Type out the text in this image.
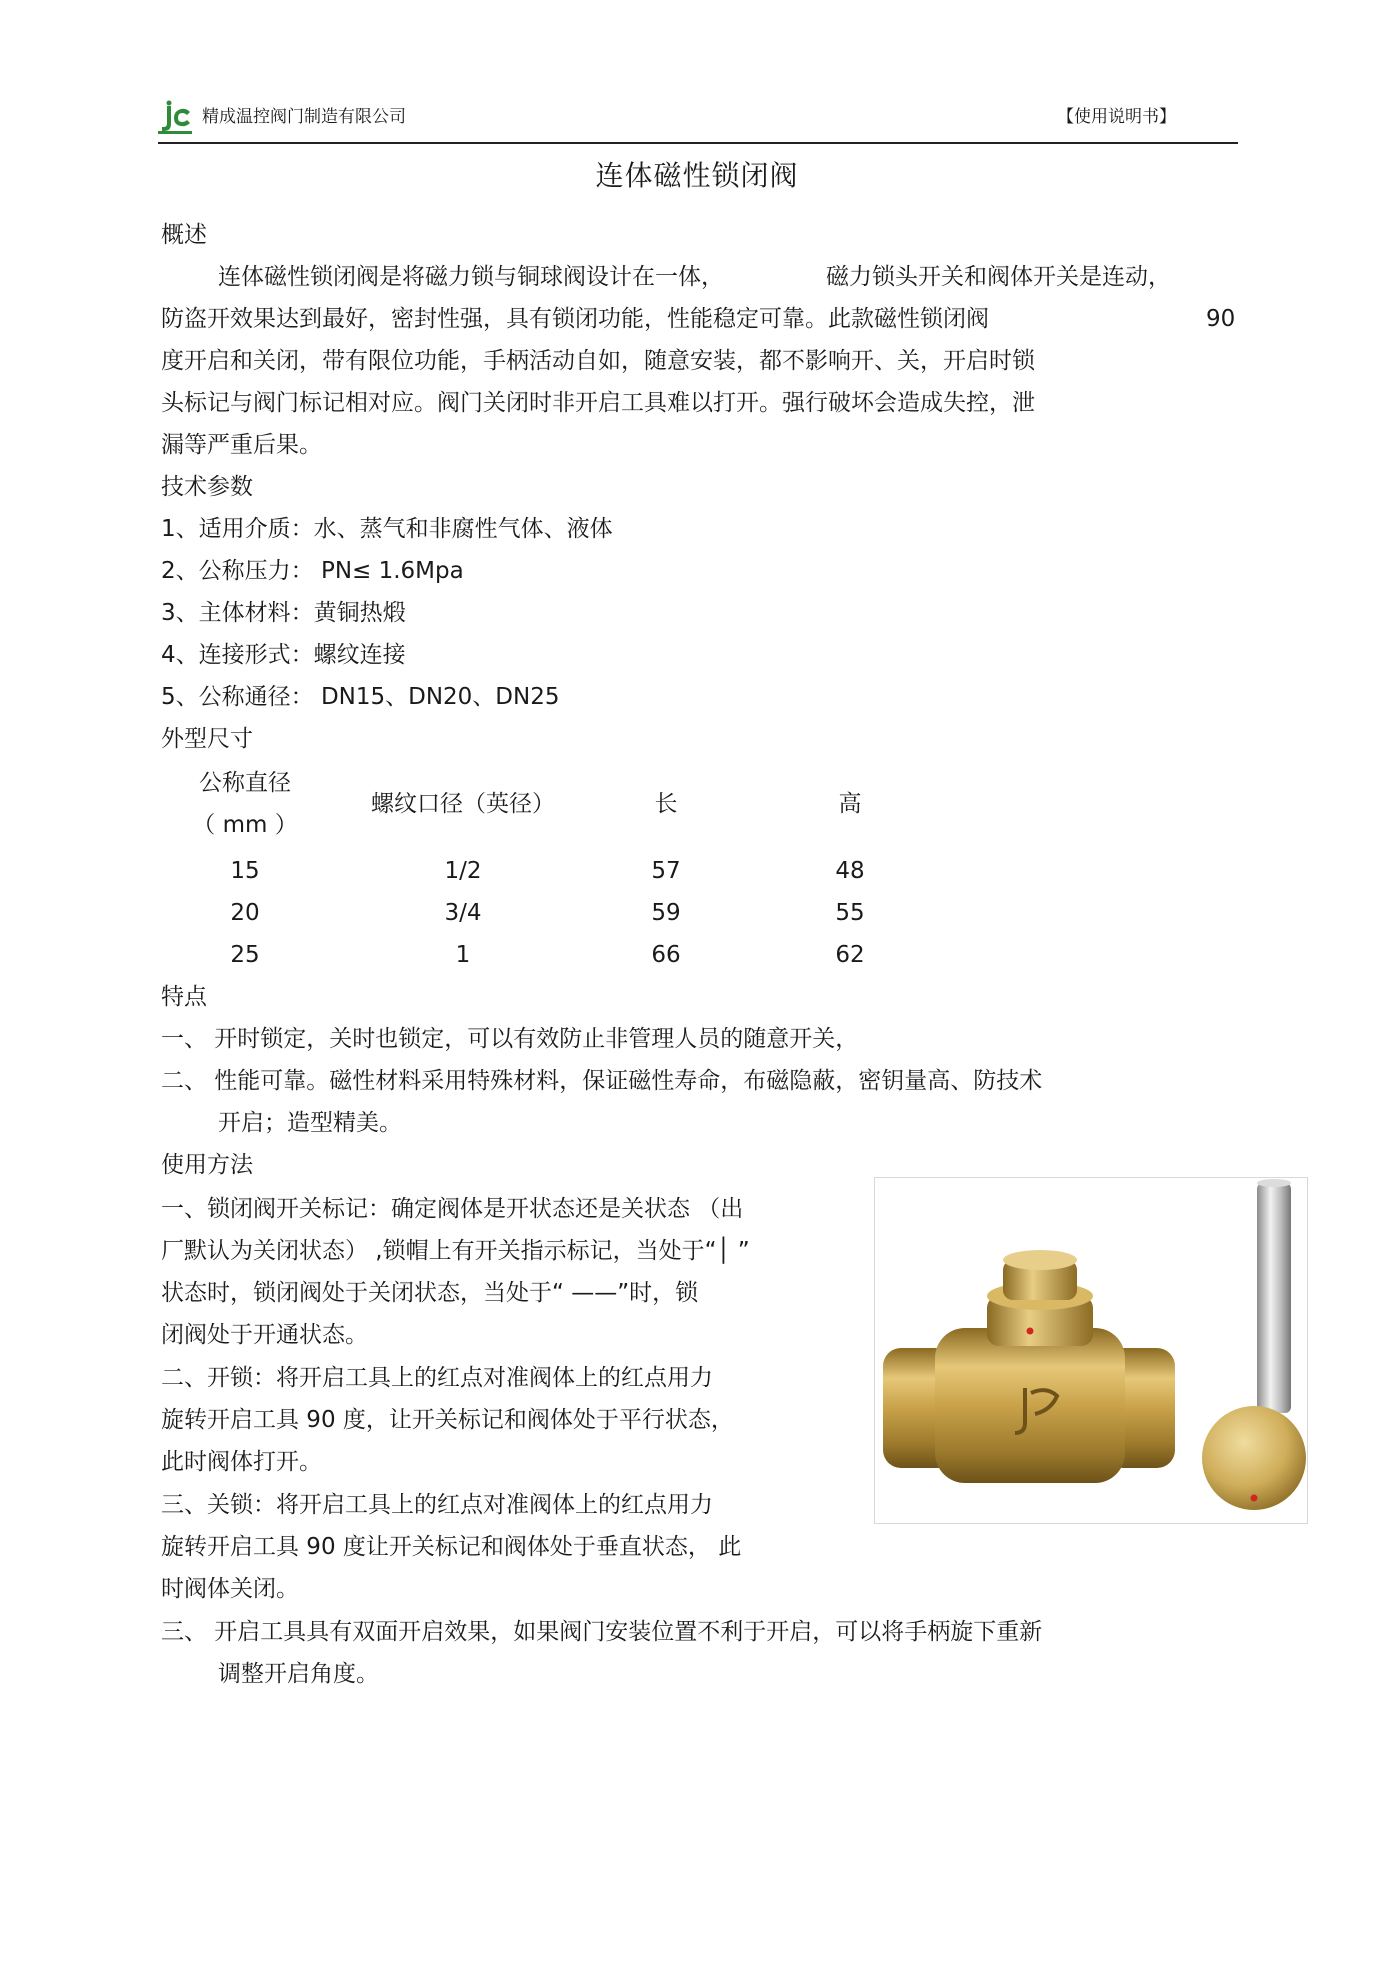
精成温控阀门制造有限公司	【使用说明书】
连体磁性锁闭阀
概述
连体磁性锁闭阀是将磁力锁与铜球阀设计在一体，	磁力锁头开关和阀体开关是连动，
防盗开效果达到最好，密封性强，具有锁闭功能，性能稳定可靠。此款磁性锁闭阀	90
度开启和关闭，带有限位功能，手柄活动自如，随意安装，都不影响开、关，开启时锁
头标记与阀门标记相对应。阀门关闭时非开启工具难以打开。强行破坏会造成失控，泄
漏等严重后果。
技术参数
1、适用介质：水、蒸气和非腐性气体、液体
2、公称压力： PN≤ 1.6Mpa
3、主体材料：黄铜热煅
4、连接形式：螺纹连接
5、公称通径： DN15、DN20、DN25
外型尺寸
公称直径
（ mm ）
螺纹口径（英径）	长	高
15	1/2	57	48
20	3/4	59	55
25	1	66	62
特点
一、 开时锁定，关时也锁定，可以有效防止非管理人员的随意开关，
二、 性能可靠。磁性材料采用特殊材料，保证磁性寿命，布磁隐蔽，密钥量高、防技术
开启；造型精美。
使用方法
一、锁闭阀开关标记：确定阀体是开状态还是关状态 （出
厂默认为关闭状态） ,锁帽上有开关指示标记，当处于“│ ”
状态时，锁闭阀处于关闭状态，当处于“ ——”时，锁
闭阀处于开通状态。
二、开锁：将开启工具上的红点对准阀体上的红点用力
旋转开启工具 90 度，让开关标记和阀体处于平行状态，
此时阀体打开。
三、关锁：将开启工具上的红点对准阀体上的红点用力
旋转开启工具 90 度让开关标记和阀体处于垂直状态， 此
时阀体关闭。
三、 开启工具具有双面开启效果，如果阀门安装位置不利于开启，可以将手柄旋下重新
调整开启角度。
